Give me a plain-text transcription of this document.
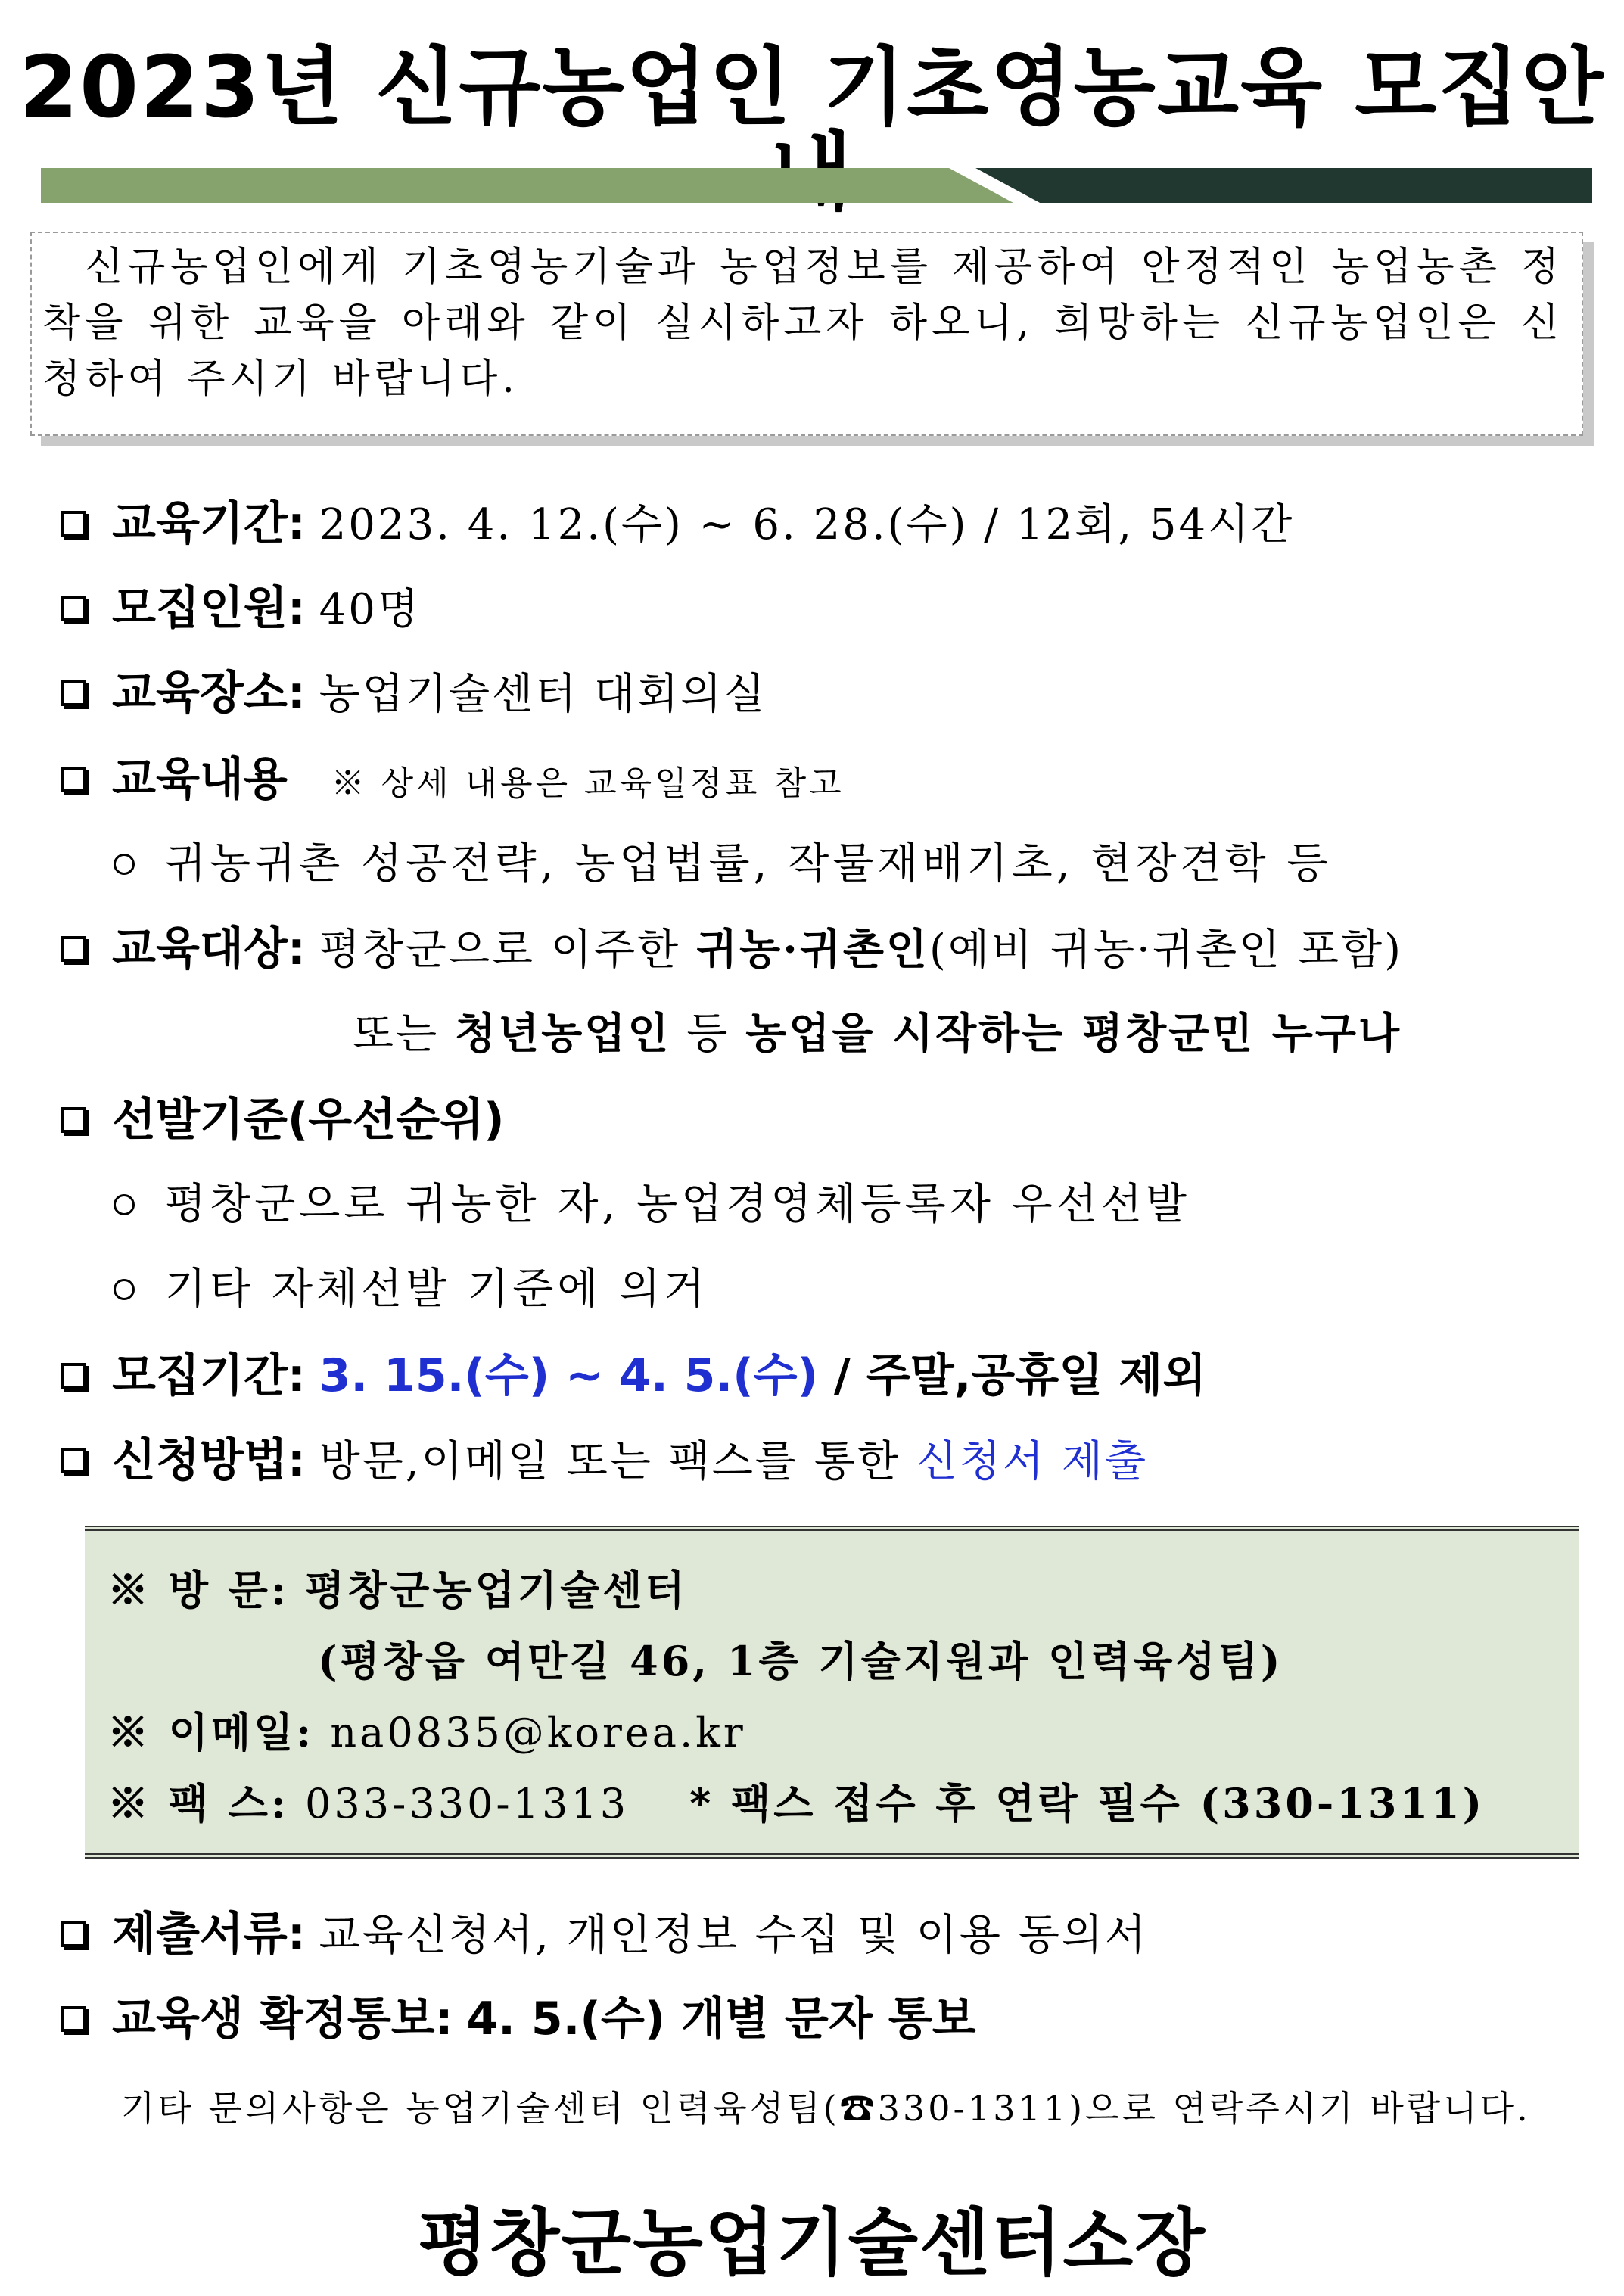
2023년 신규농업인 기초영농교육 모집안
신규농업인에게 기초영농기술과 농업정보를 제공하여 안정적인 농업농촌 정착을 위한 교육을 아래와 같이 실시하고자 하오니, 희망하는 신규농업인은 신청하여 주시기 바랍니다.
교육기간: 2023. 4. 12.(수) ~ 6. 28.(수) / 12회, 54시간
모집인원: 40명
교육장소: 농업기술센터 대회의실
교육내용 ※ 상세 내용은 교육일정표 참고
귀농귀촌 성공전략, 농업법률, 작물재배기초, 현장견학 등
교육대상: 평창군으로 이주한 귀농·귀촌인(예비 귀농·귀촌인 포함)
또는 청년농업인 등 농업을 시작하는 평창군민 누구나
선발기준(우선순위)
평창군으로 귀농한 자, 농업경영체등록자 우선선발
기타 자체선발 기준에 의거
모집기간: 3. 15.(수) ~ 4. 5.(수) / 주말,공휴일 제외
신청방법: 방문,이메일 또는 팩스를 통한 신청서 제출
※ 방 문: 평창군농업기술센터
(평창읍 여만길 46, 1층 기술지원과 인력육성팀)
※ 이메일: na0835@korea.kr
※ 팩 스: 033-330-1313 * 팩스 접수 후 연락 필수 (330-1311)
제출서류: 교육신청서, 개인정보 수집 및 이용 동의서
교육생 확정통보: 4. 5.(수) 개별 문자 통보
기타 문의사항은 농업기술센터 인력육성팀(☎330-1311)으로 연락주시기 바랍니다.
평창군농업기술센터소장
